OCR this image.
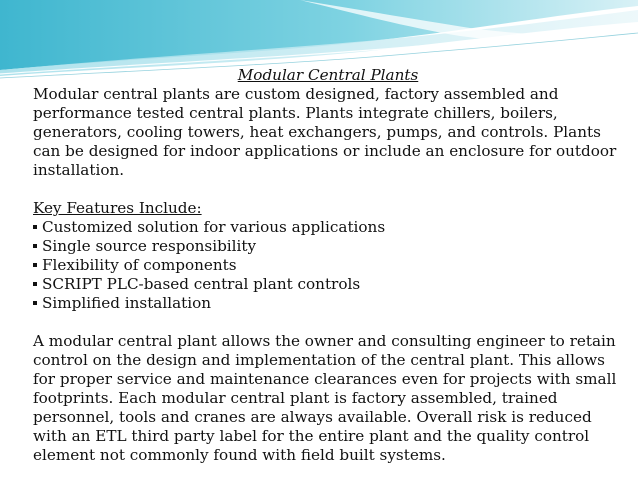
Modular Central Plants

Modular central plants are custom designed, factory assembled and performance tested central plants. Plants integrate chillers, boilers, generators, cooling towers, heat exchangers, pumps, and controls. Plants can be designed for indoor applications or include an enclosure for outdoor installation.

Key Features Include:

Customized solution for various applications
Single source responsibility
Flexibility of components
SCRIPT PLC-based central plant controls
Simplified installation

A modular central plant allows the owner and consulting engineer to retain control on the design and implementation of the central plant. This allows for proper service and maintenance clearances even for projects with small footprints. Each modular central plant is factory assembled, trained personnel, tools and cranes are always available. Overall risk is reduced with an ETL third party label for the entire plant and the quality control element not commonly found with field built systems.
